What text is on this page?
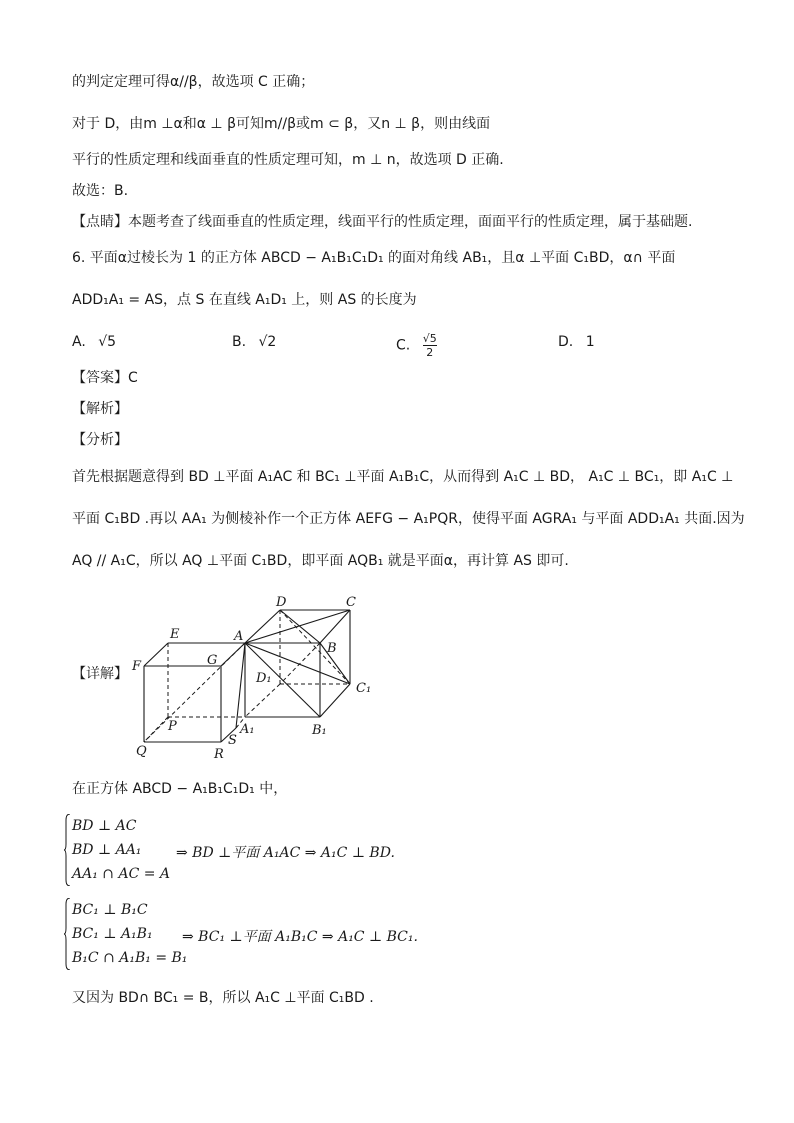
的判定定理可得α//β，故选项 C 正确；
对于 D，由m ⊥α和α ⊥ β可知m//β或m ⊂ β，又n ⊥ β，则由线面
平行的性质定理和线面垂直的性质定理可知，m ⊥ n，故选项 D 正确.
故选：B.
【点睛】本题考查了线面垂直的性质定理，线面平行的性质定理，面面平行的性质定理，属于基础题.
6. 平面α过棱长为 1 的正方体 ABCD − A₁B₁C₁D₁ 的面对角线 AB₁，且α ⊥平面 C₁BD，α∩ 平面
ADD₁A₁ = AS，点 S 在直线 A₁D₁ 上，则 AS 的长度为
A. √5	B. √2	C. $\frac{√5}{2}$	D. 1
【答案】C
【解析】
【分析】
首先根据题意得到 BD ⊥平面 A₁AC 和 BC₁ ⊥平面 A₁B₁C，从而得到 A₁C ⊥ BD， A₁C ⊥ BC₁，即 A₁C ⊥
平面 C₁BD .再以 AA₁ 为侧棱补作一个正方体 AEFG − A₁PQR，使得平面 AGRA₁ 与平面 ADD₁A₁ 共面.因为
AQ // A₁C，所以 AQ ⊥平面 C₁BD，即平面 AQB₁ 就是平面α，再计算 AS 即可.
【详解】
D	C
E	A
B
F	G
D₁
C₁
P	A₁
S
B₁
Q	R
在正方体 ABCD − A₁B₁C₁D₁ 中，
BD ⊥ AC
BD ⊥ AA₁
AA₁ ∩ AC = A
⇒ BD ⊥平面 A₁AC ⇒ A₁C ⊥ BD.
BC₁ ⊥ B₁C
BC₁ ⊥ A₁B₁
B₁C ∩ A₁B₁ = B₁
⇒ BC₁ ⊥平面 A₁B₁C ⇒ A₁C ⊥ BC₁.
又因为 BD∩ BC₁ = B，所以 A₁C ⊥平面 C₁BD .
